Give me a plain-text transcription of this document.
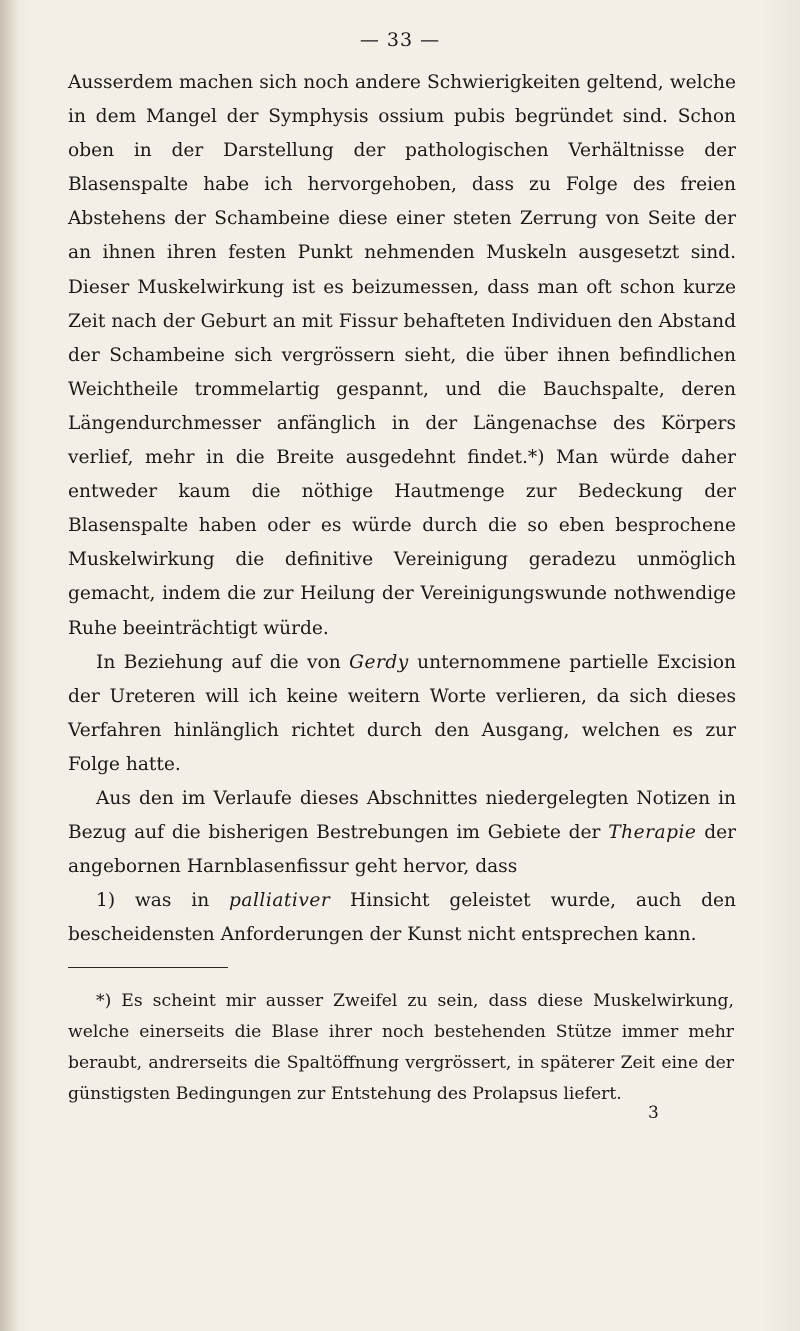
— 33 —

Ausserdem machen sich noch andere Schwierigkeiten geltend, welche in dem Mangel der Symphysis ossium pubis begründet sind. Schon oben in der Darstellung der pathologischen Verhältnisse der Blasenspalte habe ich hervorgehoben, dass zu Folge des freien Abstehens der Schambeine diese einer steten Zerrung von Seite der an ihnen ihren festen Punkt nehmenden Muskeln ausgesetzt sind. Dieser Muskelwirkung ist es beizumessen, dass man oft schon kurze Zeit nach der Geburt an mit Fissur behafteten Individuen den Abstand der Schambeine sich vergrössern sieht, die über ihnen befindlichen Weichtheile trommelartig gespannt, und die Bauchspalte, deren Längendurchmesser anfänglich in der Längenachse des Körpers verlief, mehr in die Breite ausgedehnt findet.*) Man würde daher entweder kaum die nöthige Hautmenge zur Bedeckung der Blasenspalte haben oder es würde durch die so eben besprochene Muskelwirkung die definitive Vereinigung geradezu unmöglich gemacht, indem die zur Heilung der Vereinigungswunde nothwendige Ruhe beeinträchtigt würde.

In Beziehung auf die von Gerdy unternommene partielle Excision der Ureteren will ich keine weitern Worte verlieren, da sich dieses Verfahren hinlänglich richtet durch den Ausgang, welchen es zur Folge hatte.

Aus den im Verlaufe dieses Abschnittes niedergelegten Notizen in Bezug auf die bisherigen Bestrebungen im Gebiete der Therapie der angebornen Harnblasenfissur geht hervor, dass

1) was in palliativer Hinsicht geleistet wurde, auch den bescheidensten Anforderungen der Kunst nicht entsprechen kann.

*) Es scheint mir ausser Zweifel zu sein, dass diese Muskelwirkung, welche einerseits die Blase ihrer noch bestehenden Stütze immer mehr beraubt, andrerseits die Spaltöffnung vergrössert, in späterer Zeit eine der günstigsten Bedingungen zur Entstehung des Prolapsus liefert.
3
